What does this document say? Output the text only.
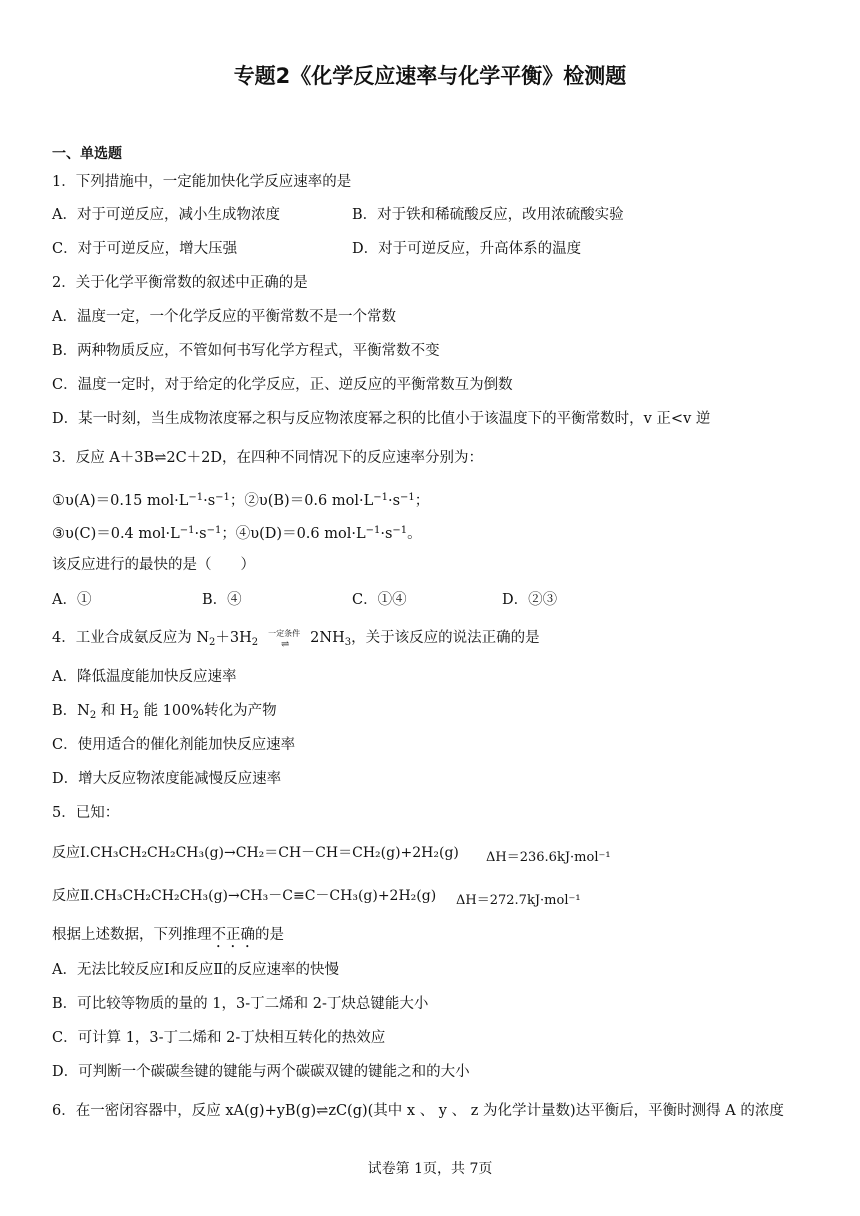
专题2《化学反应速率与化学平衡》检测题
一、单选题
1．下列措施中，一定能加快化学反应速率的是
A．对于可逆反应，减小生成物浓度	B．对于铁和稀硫酸反应，改用浓硫酸实验
C．对于可逆反应，增大压强	D．对于可逆反应，升高体系的温度
2．关于化学平衡常数的叙述中正确的是
A．温度一定，一个化学反应的平衡常数不是一个常数
B．两种物质反应，不管如何书写化学方程式，平衡常数不变
C．温度一定时，对于给定的化学反应，正、逆反应的平衡常数互为倒数
D．某一时刻，当生成物浓度幂之积与反应物浓度幂之积的比值小于该温度下的平衡常数时，v 正<v 逆
3．反应 A＋3B⇌2C＋2D，在四种不同情况下的反应速率分别为：
①υ(A)＝0.15 $mol\cdot L^{-1}\cdot s^{-1}$；②υ(B)＝0.6 $mol\cdot L^{-1}\cdot s^{-1}$；
③υ(C)＝0.4 $mol\cdot L^{-1}\cdot s^{-1}$；④υ(D)＝0.6 $mol\cdot L^{-1}\cdot s^{-1}$。
该反应进行的最快的是（　　）
A．①	B．④	C．①④	D．②③
4．工业合成氨反应为 $N_2+3H_2$
一定条件
⇌	$2NH_3$，关于该反应的说法正确的是
A．降低温度能加快反应速率
B．$N_2$ 和 $H_2$ 能 100%转化为产物
C．使用适合的催化剂能加快反应速率
D．增大反应物浓度能减慢反应速率
5．已知：
反应Ⅰ.CH₃CH₂CH₂CH₃(g)→CH₂＝CH－CH＝CH₂(g)+2H₂(g) ΔH＝236.6kJ·mol⁻¹
反应Ⅱ.CH₃CH₂CH₂CH₃(g)→CH₃－C≡C－CH₃(g)+2H₂(g) ΔH＝272.7kJ·mol⁻¹
根据上述数据，下列推理不正确的是
A．无法比较反应Ⅰ和反应Ⅱ的反应速率的快慢
B．可比较等物质的量的 1，3-丁二烯和 2-丁炔总键能大小
C．可计算 1，3-丁二烯和 2-丁炔相互转化的热效应
D．可判断一个碳碳叁键的键能与两个碳碳双键的键能之和的大小
6．在一密闭容器中，反应 xA(g)+yB(g)⇌zC(g)(其中 x 、 y 、 z 为化学计量数)达平衡后，平衡时测得 A 的浓度
试卷第 1页，共 7页
